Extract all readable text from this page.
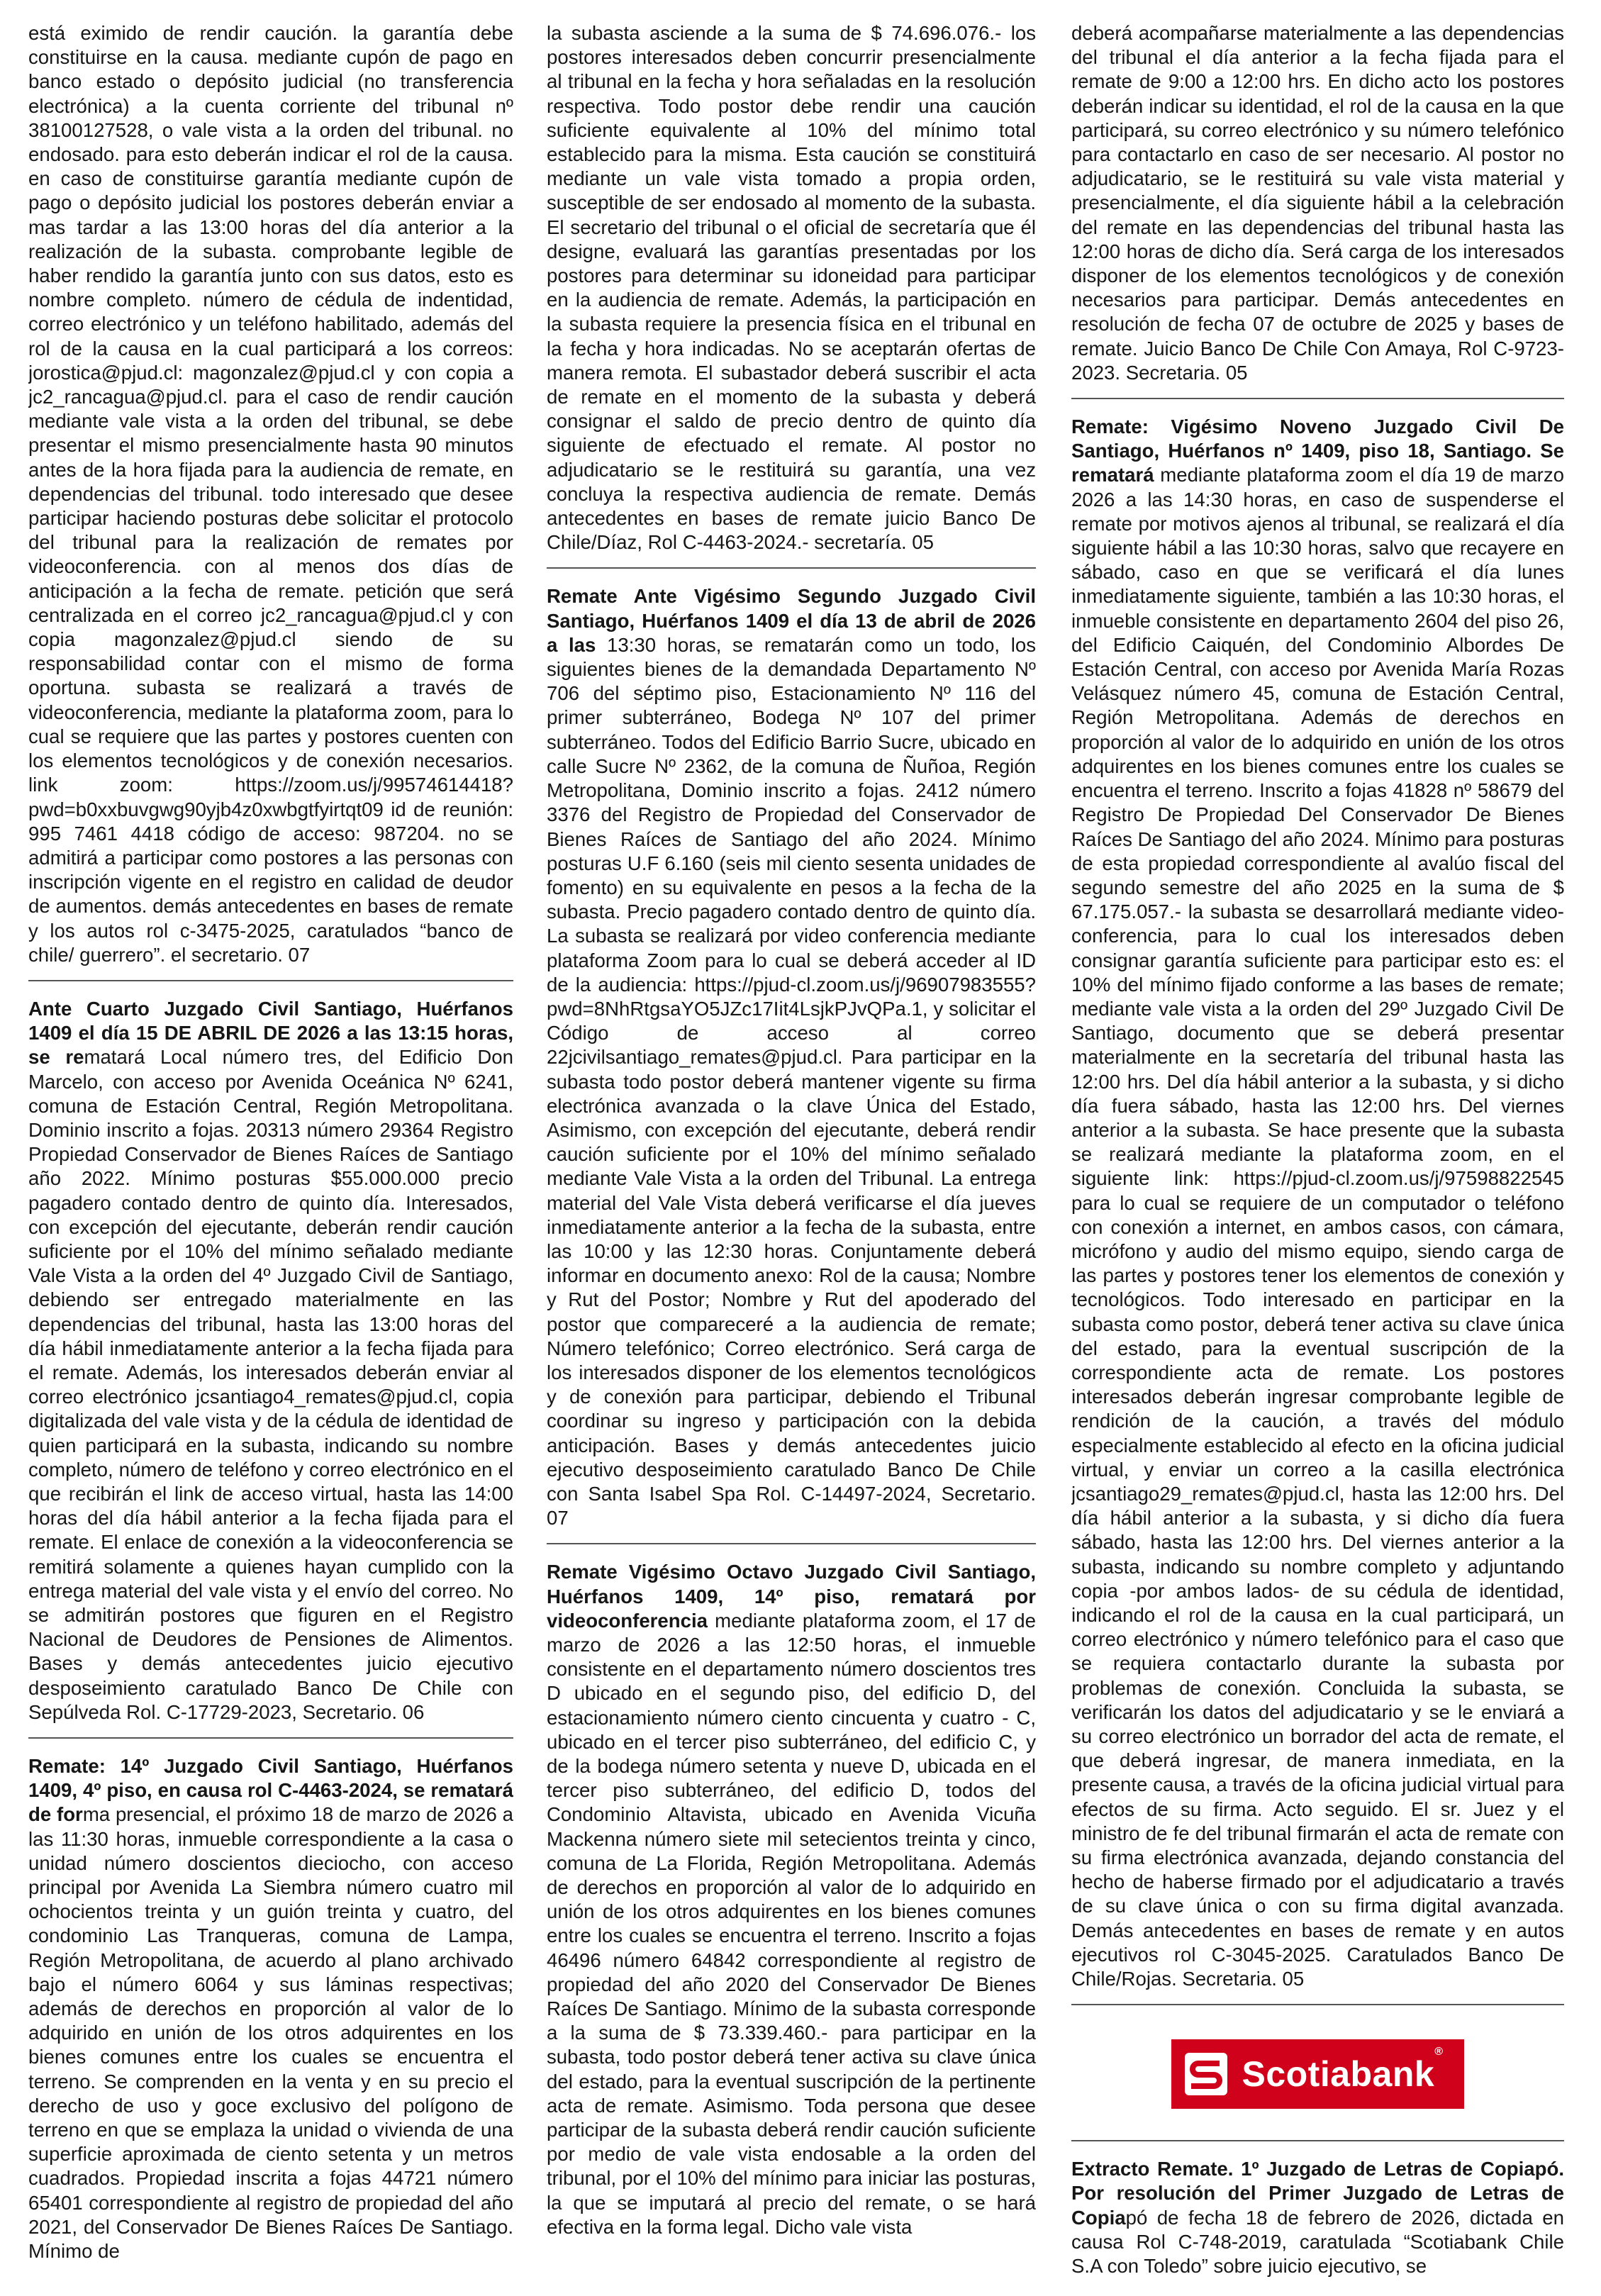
está eximido de rendir caución. la garantía debe constituirse en la causa. mediante cupón de pago en banco estado o depósito judicial (no transferencia electrónica) a la cuenta corriente del tribunal nº 38100127528, o vale vista a la orden del tribunal. no endosado. para esto deberán indicar el rol de la causa. en caso de constituirse garantía mediante cupón de pago o depósito judicial los postores deberán enviar a mas tardar a las 13:00 horas del día anterior a la realización de la subasta. comprobante legible de haber rendido la garantía junto con sus datos, esto es nombre completo. número de cédula de indentidad, correo electrónico y un teléfono habilitado, además del rol de la causa en la cual participará a los correos: jorostica@pjud.cl: magonzalez@pjud.cl y con copia a jc2_rancagua@pjud.cl. para el caso de rendir caución mediante vale vista a la orden del tribunal, se debe presentar el mismo presencialmente hasta 90 minutos antes de la hora fijada para la audiencia de remate, en dependencias del tribunal. todo interesado que desee participar haciendo posturas debe solicitar el protocolo del tribunal para la realización de remates por videoconferencia. con al menos dos días de anticipación a la fecha de remate. petición que será centralizada en el correo jc2_rancagua@pjud.cl y con copia magonzalez@pjud.cl siendo de su responsabilidad contar con el mismo de forma oportuna. subasta se realizará a través de videoconferencia, mediante la plataforma zoom, para lo cual se requiere que las partes y postores cuenten con los elementos tecnológicos y de conexión necesarios. link zoom: https://zoom.us/j/99574614418?pwd=b0xxbuvgwg90yjb4z0xwbgtfyirtqt09 id de reunión: 995 7461 4418 código de acceso: 987204. no se admitirá a participar como postores a las personas con inscripción vigente en el registro en calidad de deudor de aumentos. demás antecedentes en bases de remate y los autos rol c-3475-2025, caratulados “banco de chile/ guerrero”. el secretario. 07

Ante Cuarto Juzgado Civil Santiago, Huérfanos 1409 el día 15 DE ABRIL DE 2026 a las 13:15 horas, se rematará Local número tres, del Edificio Don Marcelo, con acceso por Avenida Oceánica Nº 6241, comuna de Estación Central, Región Metropolitana. Dominio inscrito a fojas. 20313 número 29364 Registro Propiedad Conservador de Bienes Raíces de Santiago año 2022. Mínimo posturas $55.000.000 precio pagadero contado dentro de quinto día. Interesados, con excepción del ejecutante, deberán rendir caución suficiente por el 10% del mínimo señalado mediante Vale Vista a la orden del 4º Juzgado Civil de Santiago, debiendo ser entregado materialmente en las dependencias del tribunal, hasta las 13:00 horas del día hábil inmediatamente anterior a la fecha fijada para el remate. Además, los interesados deberán enviar al correo electrónico jcsantiago4_remates@pjud.cl, copia digitalizada del vale vista y de la cédula de identidad de quien participará en la subasta, indicando su nombre completo, número de teléfono y correo electrónico en el que recibirán el link de acceso virtual, hasta las 14:00 horas del día hábil anterior a la fecha fijada para el remate. El enlace de conexión a la videoconferencia se remitirá solamente a quienes hayan cumplido con la entrega material del vale vista y el envío del correo. No se admitirán postores que figuren en el Registro Nacional de Deudores de Pensiones de Alimentos. Bases y demás antecedentes juicio ejecutivo desposeimiento caratulado Banco De Chile con Sepúlveda Rol. C-17729-2023, Secretario. 06

Remate: 14º Juzgado Civil Santiago, Huérfanos 1409, 4º piso, en causa rol C-4463-2024, se rematará de forma presencial, el próximo 18 de marzo de 2026 a las 11:30 horas, inmueble correspondiente a la casa o unidad número doscientos dieciocho, con acceso principal por Avenida La Siembra número cuatro mil ochocientos treinta y un guión treinta y cuatro, del condominio Las Tranqueras, comuna de Lampa, Región Metropolitana, de acuerdo al plano archivado bajo el número 6064 y sus láminas respectivas; además de derechos en proporción al valor de lo adquirido en unión de los otros adquirentes en los bienes comunes entre los cuales se encuentra el terreno. Se comprenden en la venta y en su precio el derecho de uso y goce exclusivo del polígono de terreno en que se emplaza la unidad o vivienda de una superficie aproximada de ciento setenta y un metros cuadrados. Propiedad inscrita a fojas 44721 número 65401 correspondiente al registro de propiedad del año 2021, del Conservador De Bienes Raíces De Santiago. Mínimo de

la subasta asciende a la suma de $ 74.696.076.- los postores interesados deben concurrir presencialmente al tribunal en la fecha y hora señaladas en la resolución respectiva. Todo postor debe rendir una caución suficiente equivalente al 10% del mínimo total establecido para la misma. Esta caución se constituirá mediante un vale vista tomado a propia orden, susceptible de ser endosado al momento de la subasta. El secretario del tribunal o el oficial de secretaría que él designe, evaluará las garantías presentadas por los postores para determinar su idoneidad para participar en la audiencia de remate. Además, la participación en la subasta requiere la presencia física en el tribunal en la fecha y hora indicadas. No se aceptarán ofertas de manera remota. El subastador deberá suscribir el acta de remate en el momento de la subasta y deberá consignar el saldo de precio dentro de quinto día siguiente de efectuado el remate. Al postor no adjudicatario se le restituirá su garantía, una vez concluya la respectiva audiencia de remate. Demás antecedentes en bases de remate juicio Banco De Chile/Díaz, Rol C-4463-2024.- secretaría. 05

Remate Ante Vigésimo Segundo Juzgado Civil Santiago, Huérfanos 1409 el día 13 de abril de 2026 a las 13:30 horas, se rematarán como un todo, los siguientes bienes de la demandada Departamento Nº 706 del séptimo piso, Estacionamiento Nº 116 del primer subterráneo, Bodega Nº 107 del primer subterráneo. Todos del Edificio Barrio Sucre, ubicado en calle Sucre Nº 2362, de la comuna de Ñuñoa, Región Metropolitana, Dominio inscrito a fojas. 2412 número 3376 del Registro de Propiedad del Conservador de Bienes Raíces de Santiago del año 2024. Mínimo posturas U.F 6.160 (seis mil ciento sesenta unidades de fomento) en su equivalente en pesos a la fecha de la subasta. Precio pagadero contado dentro de quinto día. La subasta se realizará por video conferencia mediante plataforma Zoom para lo cual se deberá acceder al ID de la audiencia: https://pjud-cl.zoom.us/j/96907983555?pwd=8NhRtgsaYO5JZc17Iit4LsjkPJvQPa.1, y solicitar el Código de acceso al correo 22jcivilsantiago_remates@pjud.cl. Para participar en la subasta todo postor deberá mantener vigente su firma electrónica avanzada o la clave Única del Estado, Asimismo, con excepción del ejecutante, deberá rendir caución suficiente por el 10% del mínimo señalado mediante Vale Vista a la orden del Tribunal. La entrega material del Vale Vista deberá verificarse el día jueves inmediatamente anterior a la fecha de la subasta, entre las 10:00 y las 12:30 horas. Conjuntamente deberá informar en documento anexo: Rol de la causa; Nombre y Rut del Postor; Nombre y Rut del apoderado del postor que compareceré a la audiencia de remate; Número telefónico; Correo electrónico. Será carga de los interesados disponer de los elementos tecnológicos y de conexión para participar, debiendo el Tribunal coordinar su ingreso y participación con la debida anticipación. Bases y demás antecedentes juicio ejecutivo desposeimiento caratulado Banco De Chile con Santa Isabel Spa Rol. C-14497-2024, Secretario. 07

Remate Vigésimo Octavo Juzgado Civil Santiago, Huérfanos 1409, 14º piso, rematará por videoconferencia mediante plataforma zoom, el 17 de marzo de 2026 a las 12:50 horas, el inmueble consistente en el departamento número doscientos tres D ubicado en el segundo piso, del edificio D, del estacionamiento número ciento cincuenta y cuatro - C, ubicado en el tercer piso subterráneo, del edificio C, y de la bodega número setenta y nueve D, ubicada en el tercer piso subterráneo, del edificio D, todos del Condominio Altavista, ubicado en Avenida Vicuña Mackenna número siete mil setecientos treinta y cinco, comuna de La Florida, Región Metropolitana. Además de derechos en proporción al valor de lo adquirido en unión de los otros adquirentes en los bienes comunes entre los cuales se encuentra el terreno. Inscrito a fojas 46496 número 64842 correspondiente al registro de propiedad del año 2020 del Conservador De Bienes Raíces De Santiago. Mínimo de la subasta corresponde a la suma de $ 73.339.460.- para participar en la subasta, todo postor deberá tener activa su clave única del estado, para la eventual suscripción de la pertinente acta de remate. Asimismo. Toda persona que desee participar de la subasta deberá rendir caución suficiente por medio de vale vista endosable a la orden del tribunal, por el 10% del mínimo para iniciar las posturas, la que se imputará al precio del remate, o se hará efectiva en la forma legal. Dicho vale vista

deberá acompañarse materialmente a las dependencias del tribunal el día anterior a la fecha fijada para el remate de 9:00 a 12:00 hrs. En dicho acto los postores deberán indicar su identidad, el rol de la causa en la que participará, su correo electrónico y su número telefónico para contactarlo en caso de ser necesario. Al postor no adjudicatario, se le restituirá su vale vista material y presencialmente, el día siguiente hábil a la celebración del remate en las dependencias del tribunal hasta las 12:00 horas de dicho día. Será carga de los interesados disponer de los elementos tecnológicos y de conexión necesarios para participar. Demás antecedentes en resolución de fecha 07 de octubre de 2025 y bases de remate. Juicio Banco De Chile Con Amaya, Rol C-9723-2023. Secretaria. 05

Remate: Vigésimo Noveno Juzgado Civil De Santiago, Huérfanos nº 1409, piso 18, Santiago. Se rematará mediante plataforma zoom el día 19 de marzo 2026 a las 14:30 horas, en caso de suspenderse el remate por motivos ajenos al tribunal, se realizará el día siguiente hábil a las 10:30 horas, salvo que recayere en sábado, caso en que se verificará el día lunes inmediatamente siguiente, también a las 10:30 horas, el inmueble consistente en departamento 2604 del piso 26, del Edificio Caiquén, del Condominio Albordes De Estación Central, con acceso por Avenida María Rozas Velásquez número 45, comuna de Estación Central, Región Metropolitana. Además de derechos en proporción al valor de lo adquirido en unión de los otros adquirentes en los bienes comunes entre los cuales se encuentra el terreno. Inscrito a fojas 41828 nº 58679 del Registro De Propiedad Del Conservador De Bienes Raíces De Santiago del año 2024. Mínimo para posturas de esta propiedad correspondiente al avalúo fiscal del segundo semestre del año 2025 en la suma de $ 67.175.057.- la subasta se desarrollará mediante video-conferencia, para lo cual los interesados deben consignar garantía suficiente para participar esto es: el 10% del mínimo fijado conforme a las bases de remate; mediante vale vista a la orden del 29º Juzgado Civil De Santiago, documento que se deberá presentar materialmente en la secretaría del tribunal hasta las 12:00 hrs. Del día hábil anterior a la subasta, y si dicho día fuera sábado, hasta las 12:00 hrs. Del viernes anterior a la subasta. Se hace presente que la subasta se realizará mediante la plataforma zoom, en el siguiente link: https://pjud-cl.zoom.us/j/97598822545 para lo cual se requiere de un computador o teléfono con conexión a internet, en ambos casos, con cámara, micrófono y audio del mismo equipo, siendo carga de las partes y postores tener los elementos de conexión y tecnológicos. Todo interesado en participar en la subasta como postor, deberá tener activa su clave única del estado, para la eventual suscripción de la correspondiente acta de remate. Los postores interesados deberán ingresar comprobante legible de rendición de la caución, a través del módulo especialmente establecido al efecto en la oficina judicial virtual, y enviar un correo a la casilla electrónica jcsantiago29_remates@pjud.cl, hasta las 12:00 hrs. Del día hábil anterior a la subasta, y si dicho día fuera sábado, hasta las 12:00 hrs. Del viernes anterior a la subasta, indicando su nombre completo y adjuntando copia -por ambos lados- de su cédula de identidad, indicando el rol de la causa en la cual participará, un correo electrónico y número telefónico para el caso que se requiera contactarlo durante la subasta por problemas de conexión. Concluida la subasta, se verificarán los datos del adjudicatario y se le enviará a su correo electrónico un borrador del acta de remate, el que deberá ingresar, de manera inmediata, en la presente causa, a través de la oficina judicial virtual para efectos de su firma. Acto seguido. El sr. Juez y el ministro de fe del tribunal firmarán el acta de remate con su firma electrónica avanzada, dejando constancia del hecho de haberse firmado por el adjudicatario a través de su clave única o con su firma digital avanzada. Demás antecedentes en bases de remate y en autos ejecutivos rol C-3045-2025. Caratulados Banco De Chile/Rojas. Secretaria. 05

Scotiabank®

Extracto Remate. 1º Juzgado de Letras de Copiapó. Por resolución del Primer Juzgado de Letras de Copiapó de fecha 18 de febrero de 2026, dictada en causa Rol C-748-2019, caratulada “Scotiabank Chile S.A con Toledo” sobre juicio ejecutivo, se
